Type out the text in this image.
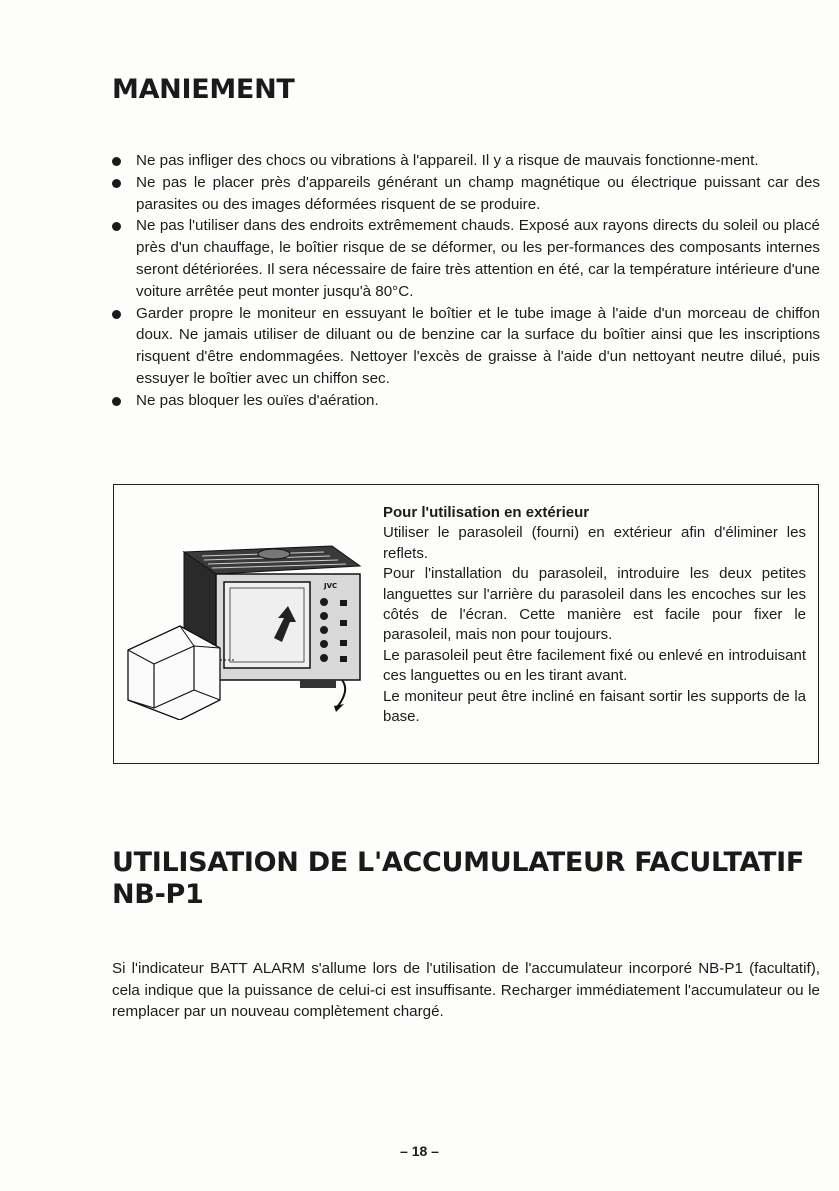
MANIEMENT
Ne pas infliger des chocs ou vibrations à l'appareil. Il y a risque de mauvais fonctionne-ment.
Ne pas le placer près d'appareils générant un champ magnétique ou électrique puissant car des parasites ou des images déformées risquent de se produire.
Ne pas l'utiliser dans des endroits extrêmement chauds. Exposé aux rayons directs du soleil ou placé près d'un chauffage, le boîtier risque de se déformer, ou les per-formances des composants internes seront détériorées. Il sera nécessaire de faire très attention en été, car la température intérieure d'une voiture arrêtée peut monter jusqu'à 80°C.
Garder propre le moniteur en essuyant le boîtier et le tube image à l'aide d'un morceau de chiffon doux. Ne jamais utiliser de diluant ou de benzine car la surface du boîtier ainsi que les inscriptions risquent d'être endommagées. Nettoyer l'excès de graisse à l'aide d'un nettoyant neutre dilué, puis essuyer le boîtier avec un chiffon sec.
Ne pas bloquer les ouïes d'aération.
JVC
Pour l'utilisation en extérieur

Utiliser le parasoleil (fourni) en extérieur afin d'éliminer les reflets.

Pour l'installation du parasoleil, introduire les deux petites languettes sur l'arrière du parasoleil dans les encoches sur les côtés de l'écran. Cette manière est facile pour fixer le parasoleil, mais non pour toujours.

Le parasoleil peut être facilement fixé ou enlevé en introduisant ces languettes ou en les tirant avant.

Le moniteur peut être incliné en faisant sortir les supports de la base.

UTILISATION DE L'ACCUMULATEUR FACULTATIF
NB-P1

Si l'indicateur BATT ALARM s'allume lors de l'utilisation de l'accumulateur incorporé NB-P1 (facultatif), cela indique que la puissance de celui-ci est insuffisante. Recharger immédiatement l'accumulateur ou le remplacer par un nouveau complètement chargé.

– 18 –
